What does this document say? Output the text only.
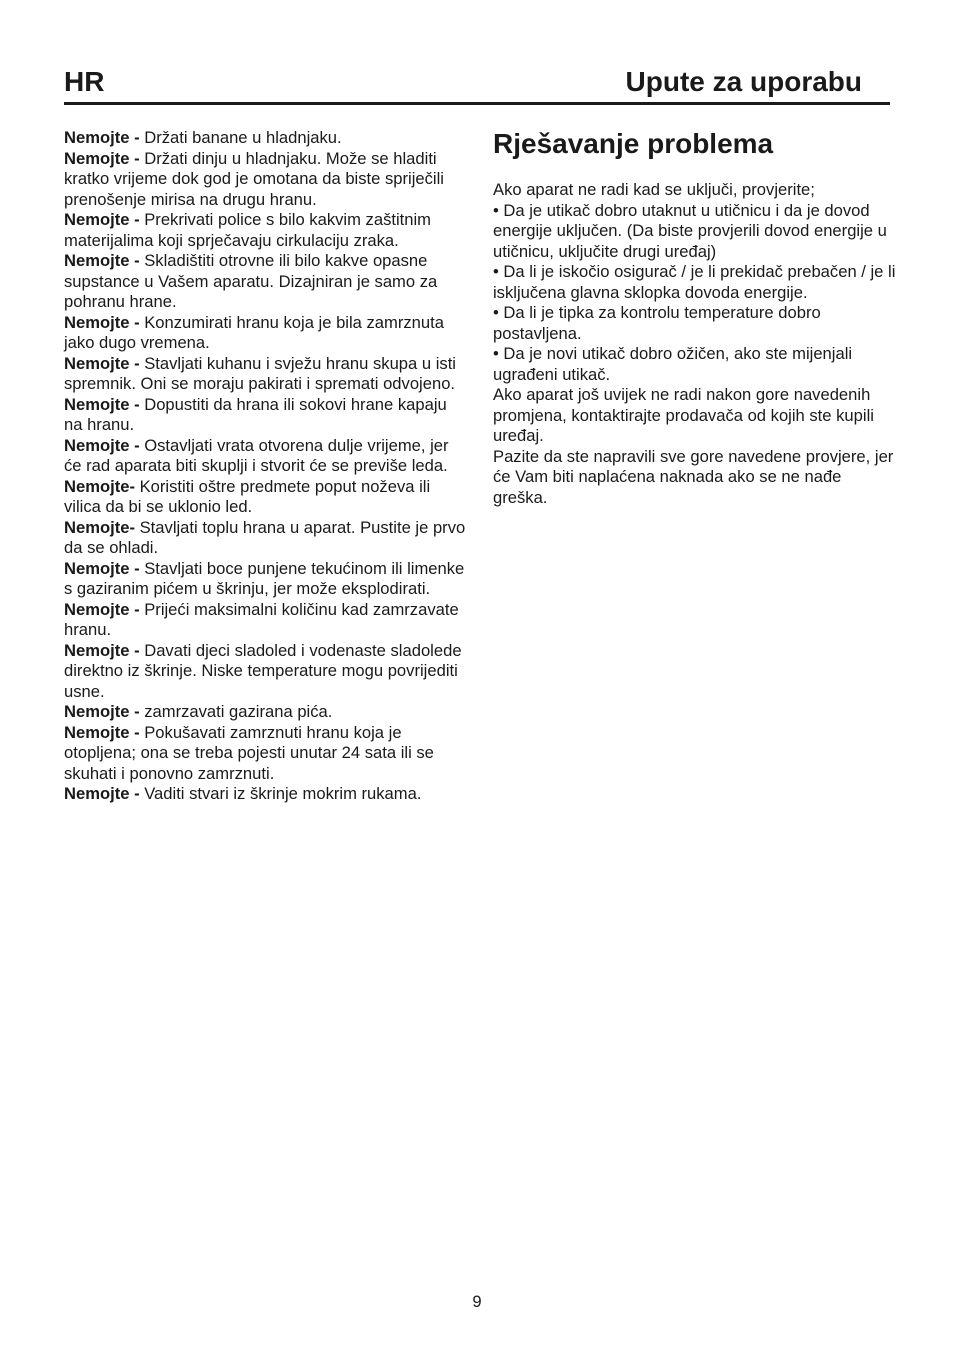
HR	Upute za uporabu

Nemojte - Držati banane u hladnjaku.

Nemojte - Držati dinju u hladnjaku. Može se hladiti kratko vrijeme dok god je omotana da biste spriječili prenošenje mirisa na drugu hranu.

Nemojte - Prekrivati police s bilo kakvim zaštitnim materijalima koji sprječavaju cirkulaciju zraka.

Nemojte - Skladištiti otrovne ili bilo kakve opasne supstance u Vašem aparatu. Dizajniran je samo za pohranu hrane.

Nemojte - Konzumirati hranu koja je bila zamrznuta jako dugo vremena.

Nemojte - Stavljati kuhanu i svježu hranu skupa u isti spremnik. Oni se moraju pakirati i spremati odvojeno.

Nemojte - Dopustiti da hrana ili sokovi hrane kapaju na hranu.

Nemojte - Ostavljati vrata otvorena dulje vrijeme, jer će rad aparata biti skuplji i stvorit će se previše leda.

Nemojte- Koristiti oštre predmete poput noževa ili vilica da bi se uklonio led.

Nemojte- Stavljati toplu hrana u aparat. Pustite je prvo da se ohladi.

Nemojte - Stavljati boce punjene tekućinom ili limenke s gaziranim pićem u škrinju, jer može eksplodirati.

Nemojte - Prijeći maksimalni količinu kad zamrzavate hranu.

Nemojte - Davati djeci sladoled i vodenaste sladolede direktno iz škrinje. Niske temperature mogu povrijediti usne.

Nemojte - zamrzavati gazirana pića.

Nemojte - Pokušavati zamrznuti hranu koja je otopljena; ona se treba pojesti unutar 24 sata ili se skuhati i ponovno zamrznuti.

Nemojte - Vaditi stvari iz škrinje mokrim rukama.

Rješavanje problema

Ako aparat ne radi kad se uključi, provjerite;

• Da je utikač dobro utaknut u utičnicu i da je dovod energije uključen. (Da biste provjerili dovod energije u utičnicu, uključite drugi uređaj)

• Da li je iskočio osigurač / je li prekidač prebačen / je li isključena glavna sklopka dovoda energije.

• Da li je tipka za kontrolu temperature dobro postavljena.

• Da je novi utikač dobro ožičen, ako ste mijenjali ugrađeni utikač.

Ako aparat još uvijek ne radi nakon gore navedenih promjena, kontaktirajte prodavača od kojih ste kupili uređaj.

Pazite da ste napravili sve gore navedene provjere, jer će Vam biti naplaćena naknada ako se ne nađe greška.

9
